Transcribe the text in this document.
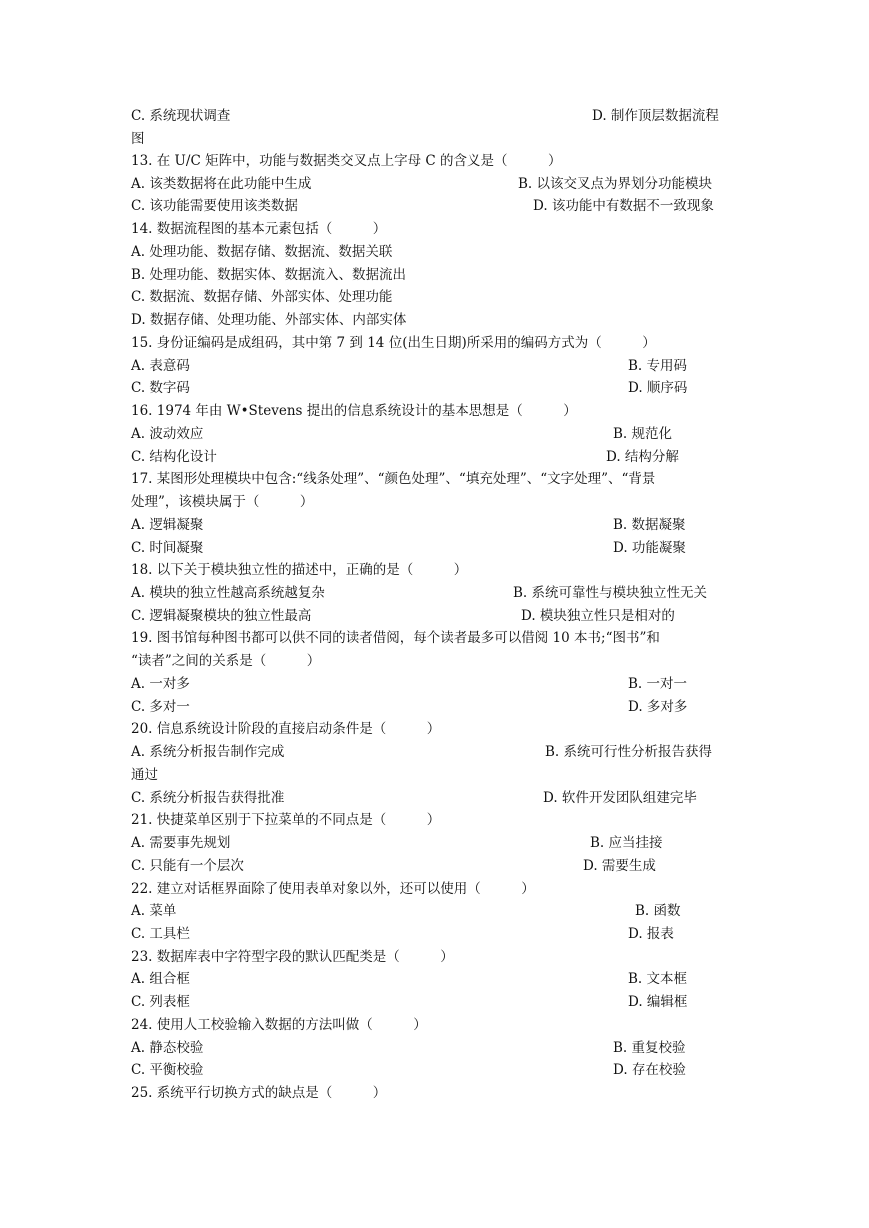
C. 系统现状调查	D. 制作顶层数据流程
图
13. 在 U/C 矩阵中，功能与数据类交叉点上字母 C 的含义是（　　　）
A. 该类数据将在此功能中生成	B. 以该交叉点为界划分功能模块
C. 该功能需要使用该类数据	D. 该功能中有数据不一致现象
14. 数据流程图的基本元素包括（　　　）
A. 处理功能、数据存储、数据流、数据关联
B. 处理功能、数据实体、数据流入、数据流出
C. 数据流、数据存储、外部实体、处理功能
D. 数据存储、处理功能、外部实体、内部实体
15. 身份证编码是成组码，其中第 7 到 14 位(出生日期)所采用的编码方式为（　　　）
A. 表意码	B. 专用码
C. 数字码	D. 顺序码
16. 1974 年由 W•Stevens 提出的信息系统设计的基本思想是（　　　）
A. 波动效应	B. 规范化
C. 结构化设计	D. 结构分解
17. 某图形处理模块中包含:“线条处理”、“颜色处理”、“填充处理”、“文字处理”、“背景
处理”，该模块属于（　　　）
A. 逻辑凝聚	B. 数据凝聚
C. 时间凝聚	D. 功能凝聚
18. 以下关于模块独立性的描述中，正确的是（　　　）
A. 模块的独立性越高系统越复杂	B. 系统可靠性与模块独立性无关
C. 逻辑凝聚模块的独立性最高	D. 模块独立性只是相对的
19. 图书馆每种图书都可以供不同的读者借阅，每个读者最多可以借阅 10 本书;“图书”和
“读者”之间的关系是（　　　）
A. 一对多	B. 一对一
C. 多对一	D. 多对多
20. 信息系统设计阶段的直接启动条件是（　　　）
A. 系统分析报告制作完成	B. 系统可行性分析报告获得
通过
C. 系统分析报告获得批准	D. 软件开发团队组建完毕
21. 快捷菜单区别于下拉菜单的不同点是（　　　）
A. 需要事先规划	B. 应当挂接
C. 只能有一个层次	D. 需要生成
22. 建立对话框界面除了使用表单对象以外，还可以使用（　　　）
A. 菜单	B. 函数
C. 工具栏	D. 报表
23. 数据库表中字符型字段的默认匹配类是（　　　）
A. 组合框	B. 文本框
C. 列表框	D. 编辑框
24. 使用人工校验输入数据的方法叫做（　　　）
A. 静态校验	B. 重复校验
C. 平衡校验	D. 存在校验
25. 系统平行切换方式的缺点是（　　　）
